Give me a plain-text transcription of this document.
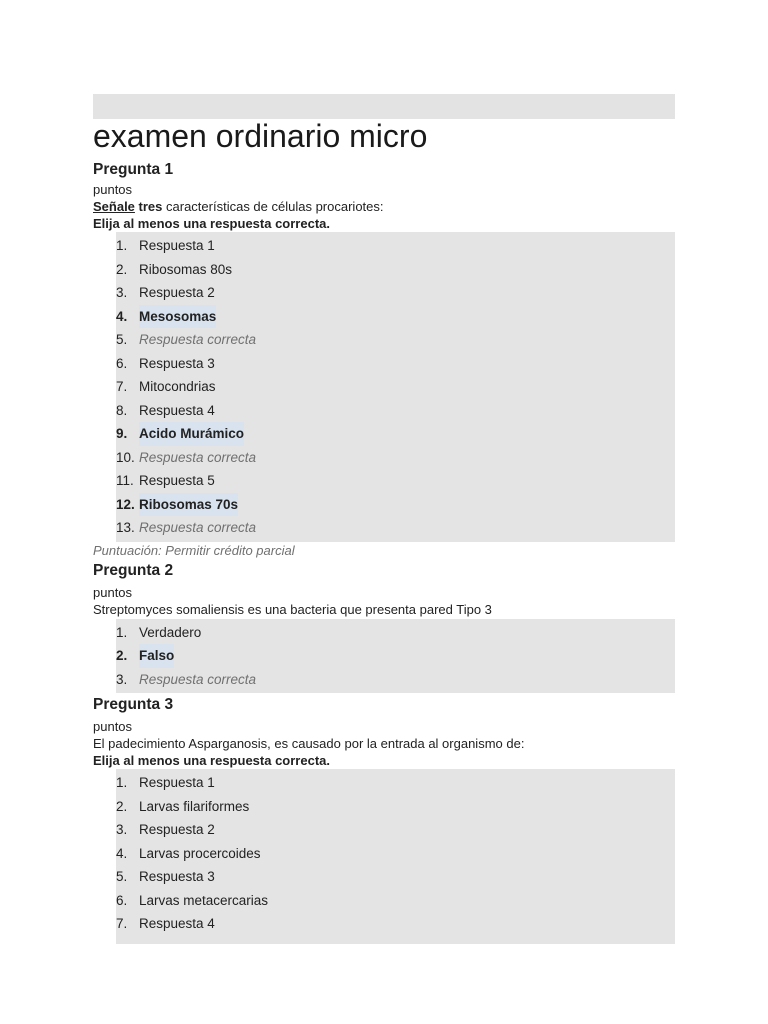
examen ordinario micro
Pregunta 1
puntos
Señale tres características de células procariotes:
Elija al menos una respuesta correcta.
1. Respuesta 1
2. Ribosomas 80s
3. Respuesta 2
4. Mesosomas
5. Respuesta correcta
6. Respuesta 3
7. Mitocondrias
8. Respuesta 4
9. Acido Murámico
10. Respuesta correcta
11. Respuesta 5
12. Ribosomas 70s
13. Respuesta correcta
Puntuación: Permitir crédito parcial
Pregunta 2
puntos
Streptomyces somaliensis es una bacteria que presenta pared Tipo 3
1. Verdadero
2. Falso
3. Respuesta correcta
Pregunta 3
puntos
El padecimiento Asparganosis, es causado por la entrada al organismo de:
Elija al menos una respuesta correcta.
1. Respuesta 1
2. Larvas filariformes
3. Respuesta 2
4. Larvas procercoides
5. Respuesta 3
6. Larvas metacercarias
7. Respuesta 4
